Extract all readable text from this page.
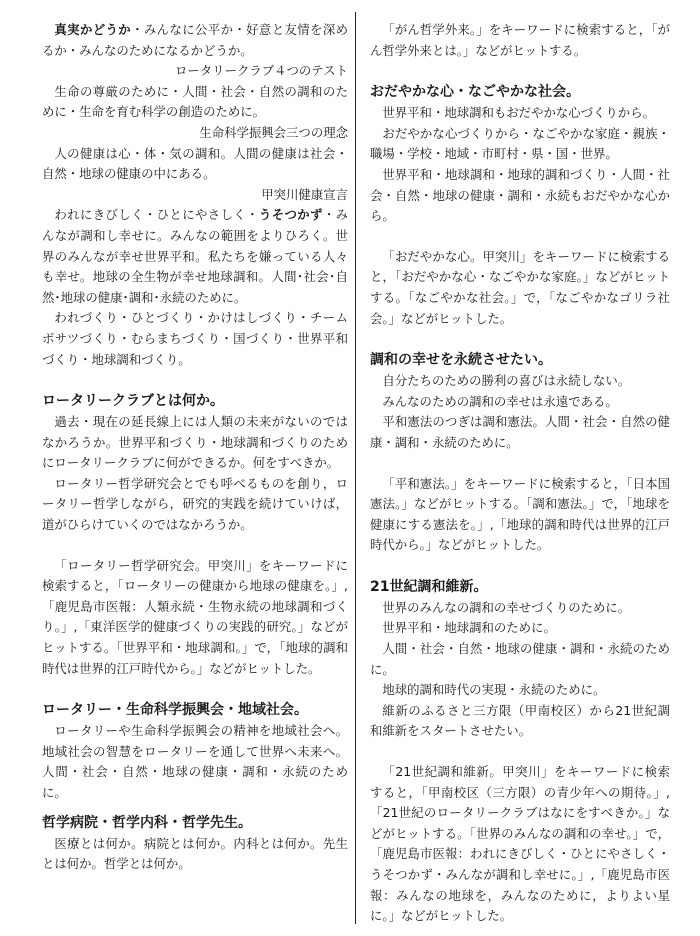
真実かどうか・みんなに公平か・好意と友情を深めるか・みんなのためになるかどうか。

ロータリークラブ４つのテスト

生命の尊厳のために・人間・社会・自然の調和のために・生命を育む科学の創造のために。

生命科学振興会三つの理念

人の健康は心・体・気の調和。人間の健康は社会・自然・地球の健康の中にある。

甲突川健康宣言

われにきびしく・ひとにやさしく・うそつかず・みんなが調和し幸せに。みんなの範囲をよりひろく。世界のみんなが幸せ世界平和。私たちを嫌っている人々も幸せ。地球の全生物が幸せ地球調和。人間･社会･自然･地球の健康･調和･永続のために。

われづくり・ひとづくり・かけはしづくり・チームボサツづくり・むらまちづくり・国づくり・世界平和づくり・地球調和づくり。

ロータリークラブとは何か。

過去・現在の延長線上には人類の未来がないのではなかろうか。世界平和づくり・地球調和づくりのためにロータリークラブに何ができるか。何をすべきか。

ロータリー哲学研究会とでも呼べるものを創り，ロータリー哲学しながら，研究的実践を続けていけば，道がひらけていくのではなかろうか。

「ロータリー哲学研究会。甲突川」をキーワードに検索すると，「ロータリーの健康から地球の健康を。」,「鹿児島市医報：人類永続・生物永続の地球調和づくり。」,「東洋医学的健康づくりの実践的研究。」などがヒットする。「世界平和・地球調和。」で，「地球的調和時代は世界的江戸時代から。」などがヒットした。

ロータリー・生命科学振興会・地域社会。

ロータリーや生命科学振興会の精神を地域社会へ。地域社会の智慧をロータリーを通して世界へ未来へ。人間・社会・自然・地球の健康・調和・永続のために。

哲学病院・哲学内科・哲学先生。

医療とは何か。病院とは何か。内科とは何か。先生とは何か。哲学とは何か。

「がん哲学外来。」をキーワードに検索すると，「がん哲学外来とは。」などがヒットする。

おだやかな心・なごやかな社会。

世界平和・地球調和もおだやかな心づくりから。

おだやかな心づくりから・なごやかな家庭・親族・職場・学校・地域・市町村・県・国・世界。

世界平和・地球調和・地球的調和づくり・人間・社会・自然・地球の健康・調和・永続もおだやかな心から。

「おだやかな心。甲突川」をキーワードに検索すると，「おだやかな心・なごやかな家庭。」などがヒットする。「なごやかな社会。」で，「なごやかなゴリラ社会。」などがヒットした。

調和の幸せを永続させたい。

自分たちのための勝利の喜びは永続しない。

みんなのための調和の幸せは永遠である。

平和憲法のつぎは調和憲法。人間・社会・自然の健康・調和・永続のために。

「平和憲法。」をキーワードに検索すると，「日本国憲法。」などがヒットする。「調和憲法。」で，「地球を健康にする憲法を。」,「地球的調和時代は世界的江戸時代から。」などがヒットした。

21世紀調和維新。

世界のみんなの調和の幸せづくりのために。

世界平和・地球調和のために。

人間・社会・自然・地球の健康・調和・永続のために。

地球的調和時代の実現・永続のために。

維新のふるさと三方限（甲南校区）から21世紀調和維新をスタートさせたい。

「21世紀調和維新。甲突川」をキーワードに検索すると，「甲南校区（三方限）の青少年への期待。」,「21世紀のロータリークラブはなにをすべきか。」などがヒットする。「世界のみんなの調和の幸せ。」で，「鹿児島市医報：われにきびしく・ひとにやさしく・うそつかず・みんなが調和し幸せに。」,「鹿児島市医報：みんなの地球を，みんなのために，よりよい星に。」などがヒットした。
